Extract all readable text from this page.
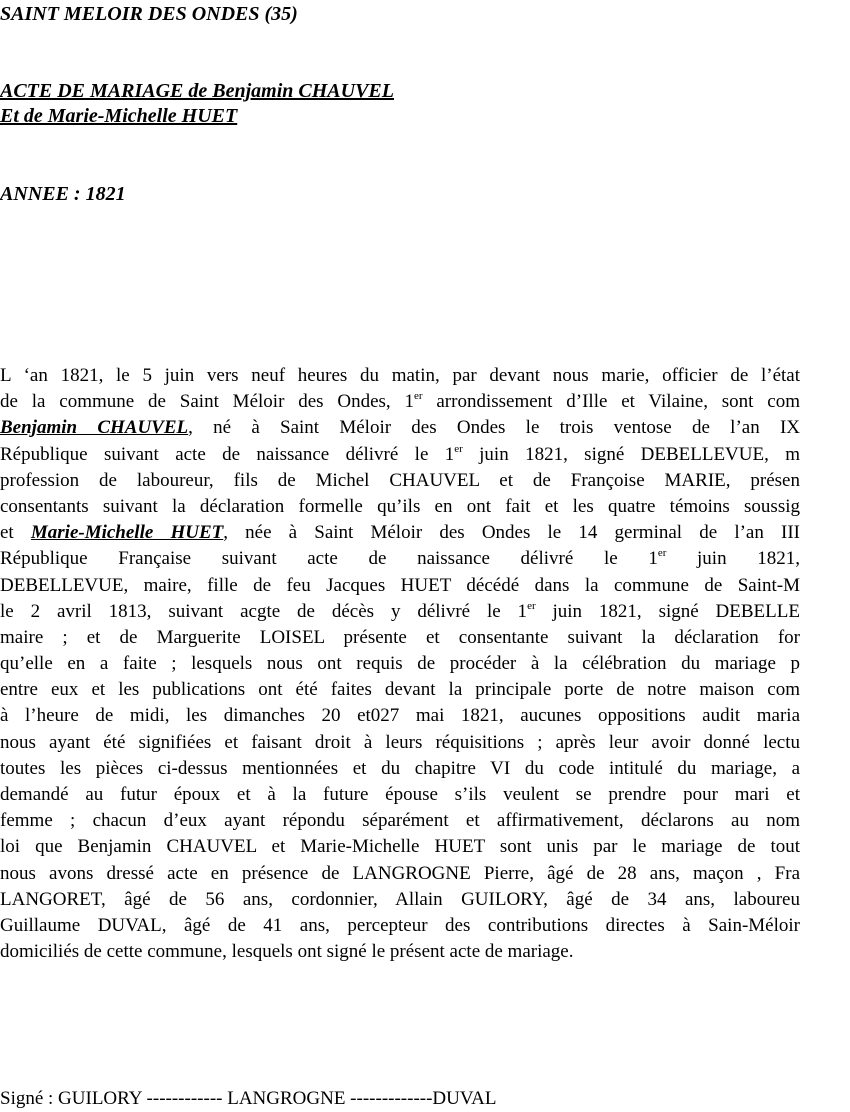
SAINT MELOIR DES ONDES (35)
ACTE DE MARIAGE de Benjamin CHAUVEL
Et de Marie-Michelle HUET
ANNEE : 1821
L ‘an 1821, le 5 juin vers neuf heures du matin, par devant nous marie, officier de l’état
de la commune de Saint Méloir des Ondes, 1er arrondissement d’Ille et Vilaine, sont com
Benjamin CHAUVEL, né à Saint Méloir des Ondes le trois ventose de l’an IX
République suivant acte de naissance délivré le 1er juin 1821, signé DEBELLEVUE, m
profession de laboureur, fils de Michel CHAUVEL et de Françoise MARIE, présen
consentants suivant la déclaration formelle qu’ils en ont fait et les quatre témoins soussig
et Marie-Michelle HUET, née à Saint Méloir des Ondes le 14 germinal de l’an III
République Française suivant acte de naissance délivré le 1er juin 1821,
DEBELLEVUE, maire, fille de feu Jacques HUET décédé dans la commune de Saint-M
le 2 avril 1813, suivant acgte de décès y délivré le 1er juin 1821, signé DEBELLE
maire ; et de Marguerite LOISEL présente et consentante suivant la déclaration for
qu’elle en a faite ; lesquels nous ont requis de procéder à la célébration du mariage p
entre eux et les publications ont été faites devant la principale porte de notre maison com
à l’heure de midi, les dimanches 20 et027 mai 1821, aucunes oppositions audit maria
nous ayant été signifiées et faisant droit à leurs réquisitions ; après leur avoir donné lectu
toutes les pièces ci-dessus mentionnées et du chapitre VI du code intitulé du mariage, a
demandé au futur époux et à la future épouse s’ils veulent se prendre pour mari et
femme ; chacun d’eux ayant répondu séparément et affirmativement, déclarons au nom
loi que Benjamin CHAUVEL et Marie-Michelle HUET sont unis par le mariage de tout
nous avons dressé acte en présence de LANGROGNE Pierre, âgé de 28 ans, maçon , Fra
LANGORET, âgé de 56 ans, cordonnier, Allain GUILORY, âgé de 34 ans, laboureu
Guillaume DUVAL, âgé de 41 ans, percepteur des contributions directes à Sain-Méloir
domiciliés de cette commune, lesquels ont signé le présent acte de mariage.
Signé : GUILORY ------------ LANGROGNE -------------DUVAL
